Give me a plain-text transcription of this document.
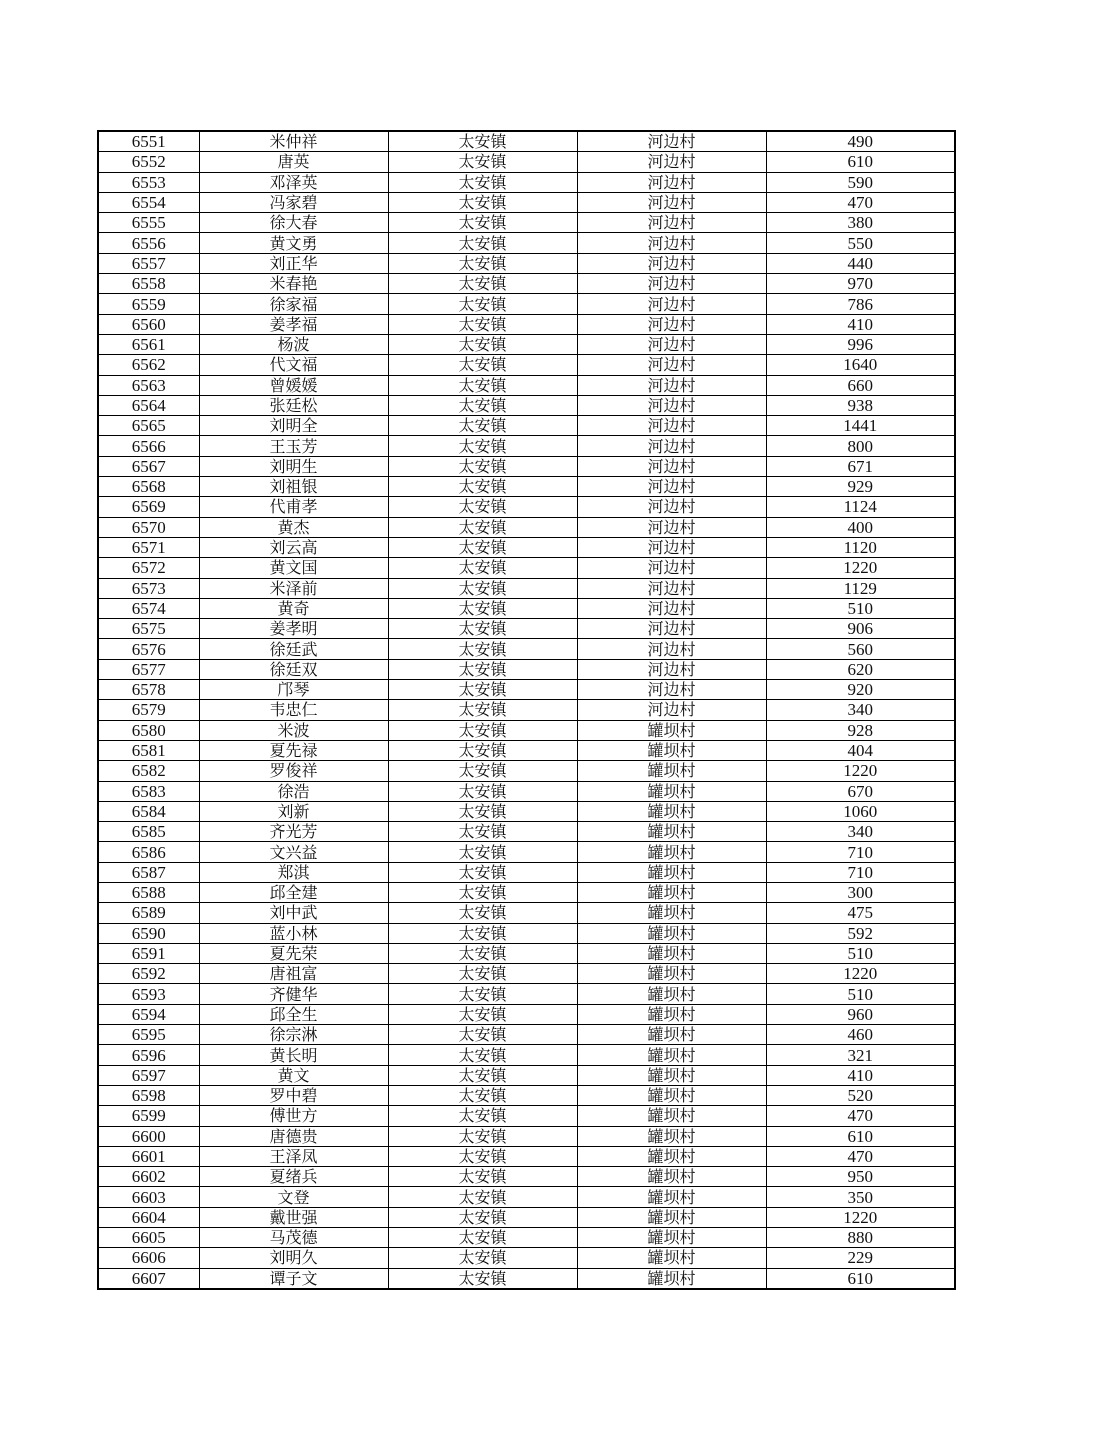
6551	米仲祥	太安镇	河边村	490
6552	唐英	太安镇	河边村	610
6553	邓泽英	太安镇	河边村	590
6554	冯家碧	太安镇	河边村	470
6555	徐大春	太安镇	河边村	380
6556	黄文勇	太安镇	河边村	550
6557	刘正华	太安镇	河边村	440
6558	米春艳	太安镇	河边村	970
6559	徐家福	太安镇	河边村	786
6560	姜孝福	太安镇	河边村	410
6561	杨波	太安镇	河边村	996
6562	代文福	太安镇	河边村	1640
6563	曾媛媛	太安镇	河边村	660
6564	张廷松	太安镇	河边村	938
6565	刘明全	太安镇	河边村	1441
6566	王玉芳	太安镇	河边村	800
6567	刘明生	太安镇	河边村	671
6568	刘祖银	太安镇	河边村	929
6569	代甫孝	太安镇	河边村	1124
6570	黄杰	太安镇	河边村	400
6571	刘云高	太安镇	河边村	1120
6572	黄文国	太安镇	河边村	1220
6573	米泽前	太安镇	河边村	1129
6574	黄奇	太安镇	河边村	510
6575	姜孝明	太安镇	河边村	906
6576	徐廷武	太安镇	河边村	560
6577	徐廷双	太安镇	河边村	620
6578	邝琴	太安镇	河边村	920
6579	韦忠仁	太安镇	河边村	340
6580	米波	太安镇	罐坝村	928
6581	夏先禄	太安镇	罐坝村	404
6582	罗俊祥	太安镇	罐坝村	1220
6583	徐浩	太安镇	罐坝村	670
6584	刘新	太安镇	罐坝村	1060
6585	齐光芳	太安镇	罐坝村	340
6586	文兴益	太安镇	罐坝村	710
6587	郑淇	太安镇	罐坝村	710
6588	邱全建	太安镇	罐坝村	300
6589	刘中武	太安镇	罐坝村	475
6590	蓝小林	太安镇	罐坝村	592
6591	夏先荣	太安镇	罐坝村	510
6592	唐祖富	太安镇	罐坝村	1220
6593	齐健华	太安镇	罐坝村	510
6594	邱全生	太安镇	罐坝村	960
6595	徐宗淋	太安镇	罐坝村	460
6596	黄长明	太安镇	罐坝村	321
6597	黄文	太安镇	罐坝村	410
6598	罗中碧	太安镇	罐坝村	520
6599	傅世方	太安镇	罐坝村	470
6600	唐德贵	太安镇	罐坝村	610
6601	王泽凤	太安镇	罐坝村	470
6602	夏绪兵	太安镇	罐坝村	950
6603	文登	太安镇	罐坝村	350
6604	戴世强	太安镇	罐坝村	1220
6605	马茂德	太安镇	罐坝村	880
6606	刘明久	太安镇	罐坝村	229
6607	谭子文	太安镇	罐坝村	610
